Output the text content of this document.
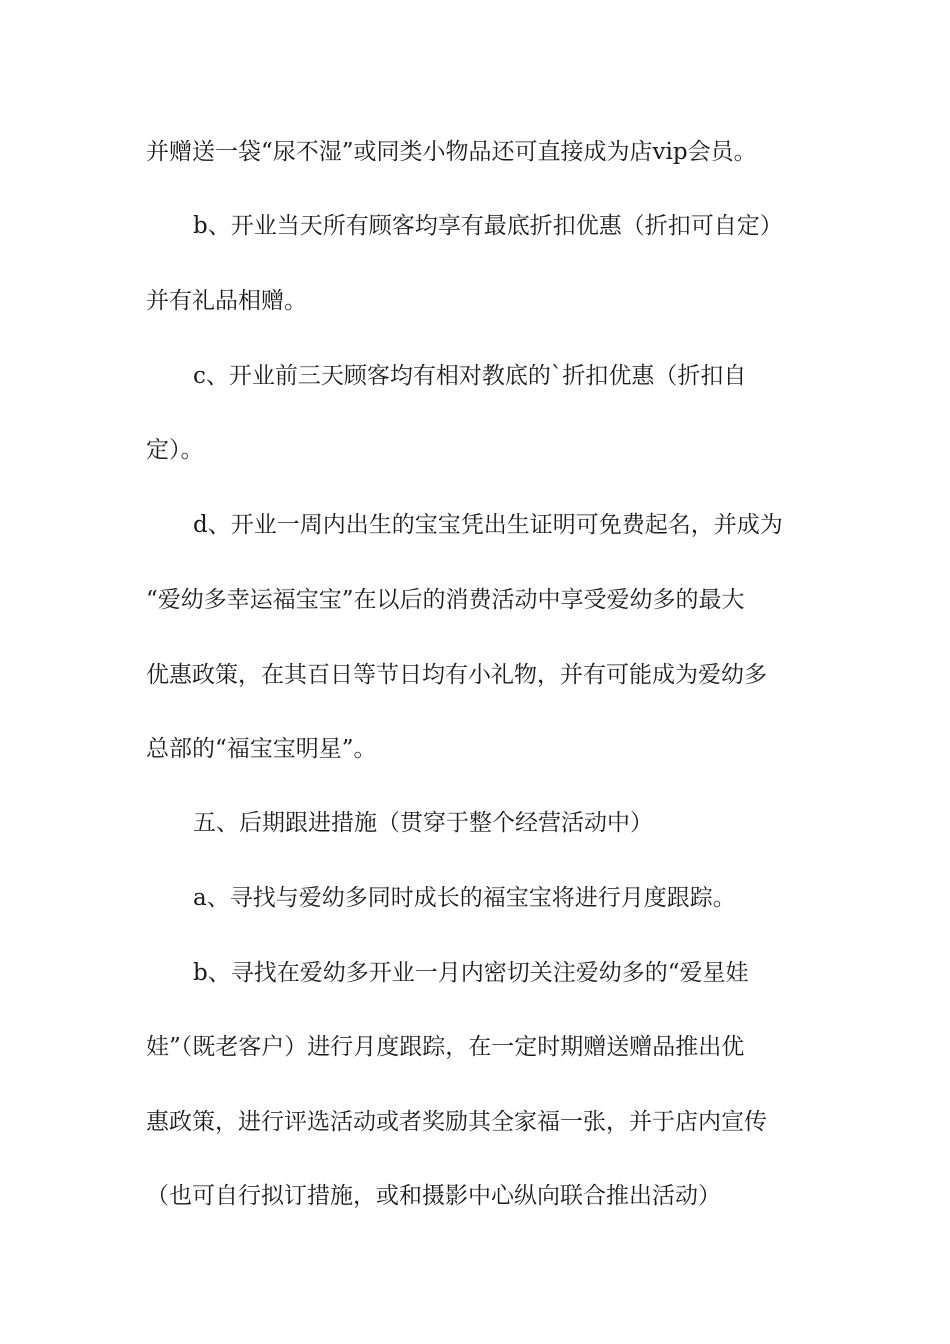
并赠送一袋“尿不湿”或同类小物品还可直接成为店vip会员。
b、开业当天所有顾客均享有最底折扣优惠（折扣可自定）
并有礼品相赠。
c、开业前三天顾客均有相对教底的`折扣优惠（折扣自
定）。
d、开业一周内出生的宝宝凭出生证明可免费起名，并成为
“爱幼多幸运福宝宝”在以后的消费活动中享受爱幼多的最大
优惠政策，在其百日等节日均有小礼物，并有可能成为爱幼多
总部的“福宝宝明星”。
五、后期跟进措施（贯穿于整个经营活动中）
a、寻找与爱幼多同时成长的福宝宝将进行月度跟踪。
b、寻找在爱幼多开业一月内密切关注爱幼多的“爱星娃
娃”（既老客户）进行月度跟踪，在一定时期赠送赠品推出优
惠政策，进行评选活动或者奖励其全家福一张，并于店内宣传
（也可自行拟订措施，或和摄影中心纵向联合推出活动）
